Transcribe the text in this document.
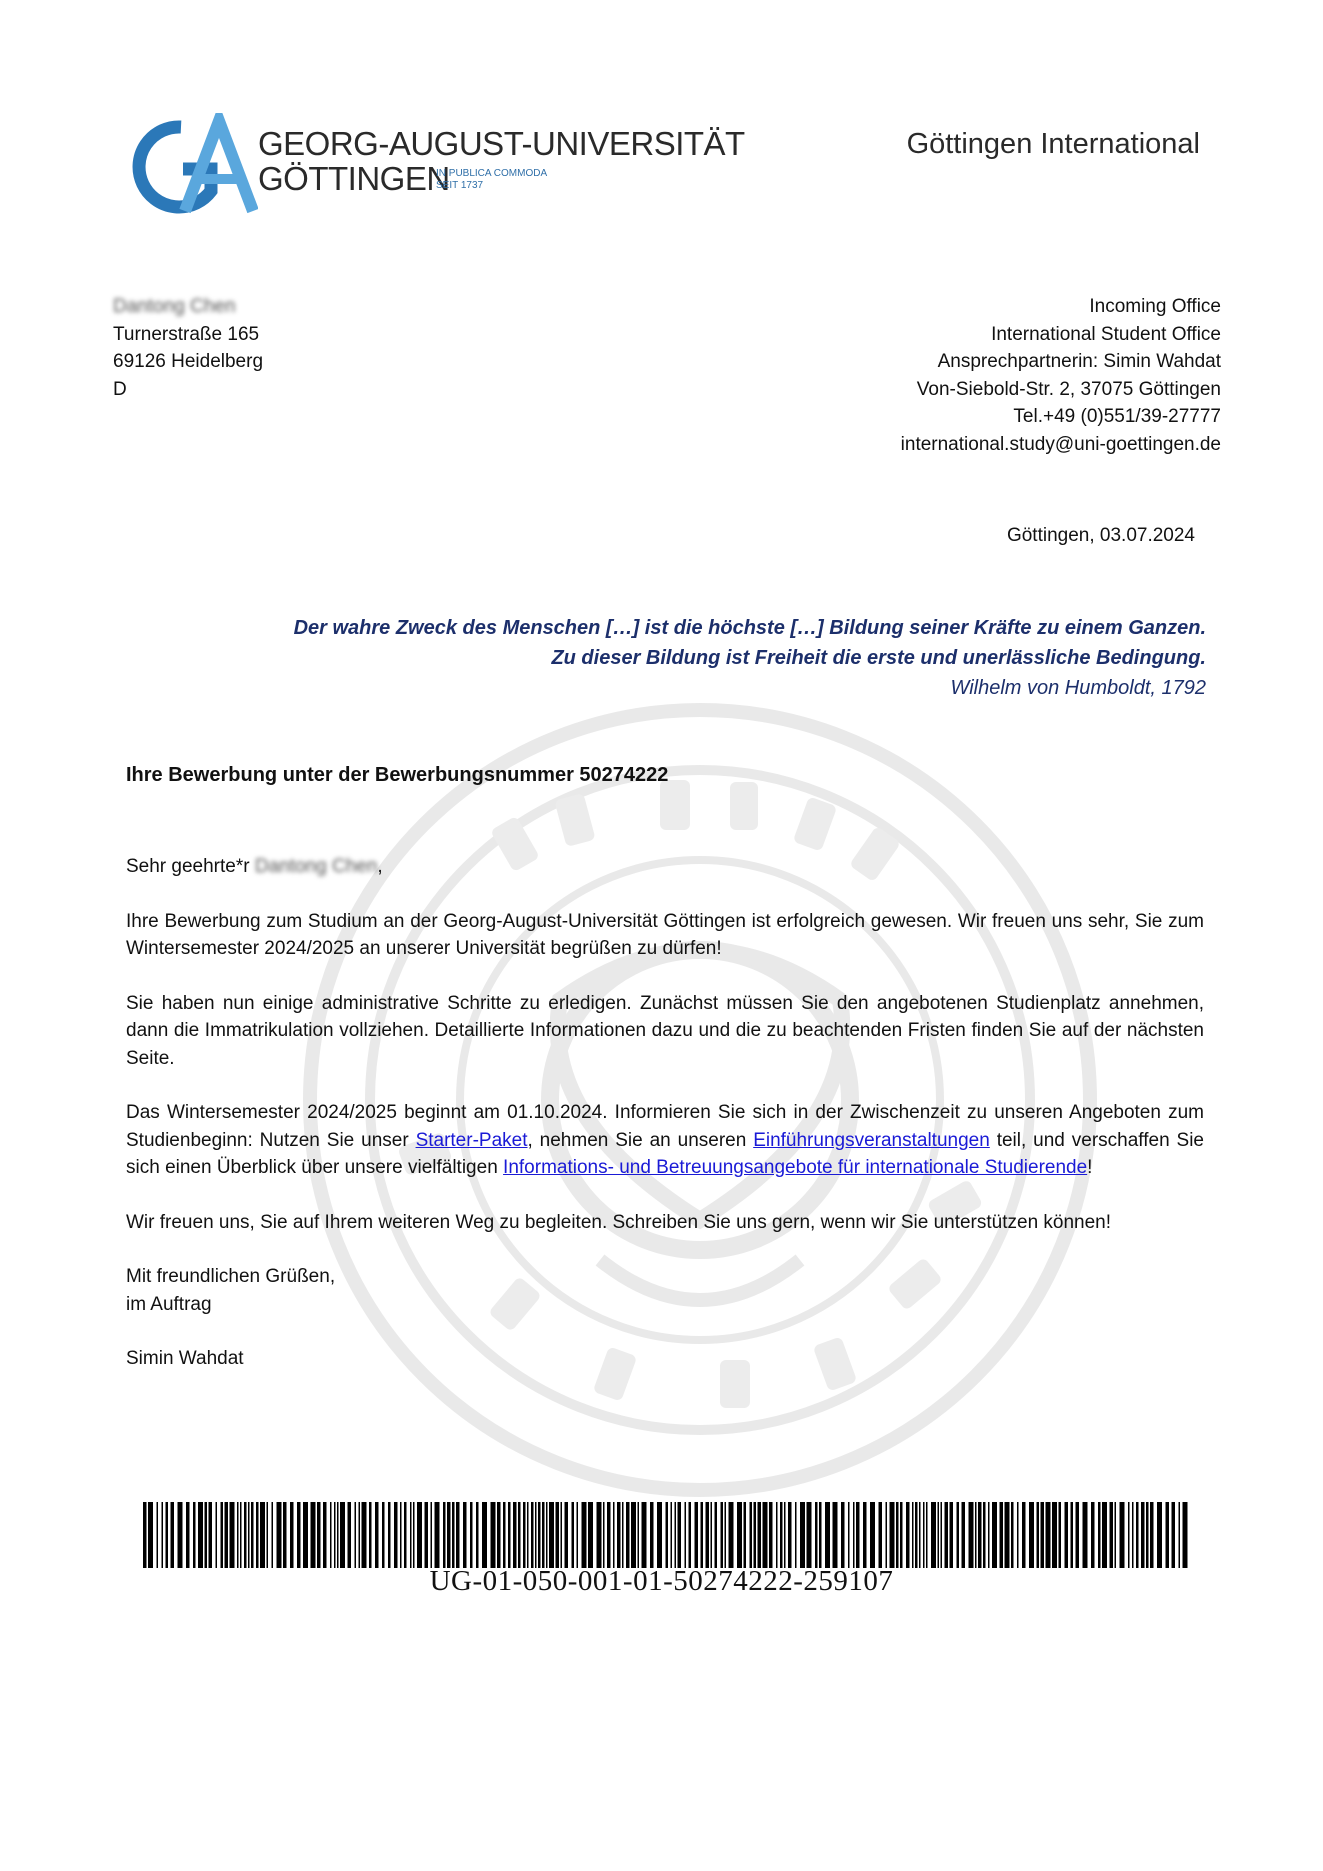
GEORG-AUGUST-UNIVERSITÄT
GÖTTINGEN
IN PUBLICA COMMODA
SEIT 1737
Göttingen International
Dantong Chen
Turnerstraße 165
69126 Heidelberg
D
Incoming Office
International Student Office
Ansprechpartnerin: Simin Wahdat
Von-Siebold-Str. 2, 37075 Göttingen
Tel.+49 (0)551/39-27777
international.study@uni-goettingen.de
Göttingen, 03.07.2024
Der wahre Zweck des Menschen […] ist die höchste […] Bildung seiner Kräfte zu einem Ganzen.
Zu dieser Bildung ist Freiheit die erste und unerlässliche Bedingung.
Wilhelm von Humboldt, 1792
Ihre Bewerbung unter der Bewerbungsnummer 50274222

Sehr geehrte*r Dantong Chen,

Ihre Bewerbung zum Studium an der Georg-August-Universität Göttingen ist erfolgreich gewesen. Wir freuen uns sehr, Sie zum Wintersemester 2024/2025 an unserer Universität begrüßen zu dürfen!

Sie haben nun einige administrative Schritte zu erledigen. Zunächst müssen Sie den angebotenen Studienplatz annehmen, dann die Immatrikulation vollziehen. Detaillierte Informationen dazu und die zu beachtenden Fristen finden Sie auf der nächsten Seite.

Das Wintersemester 2024/2025 beginnt am 01.10.2024. Informieren Sie sich in der Zwischenzeit zu unseren Angeboten zum Studienbeginn: Nutzen Sie unser Starter-Paket, nehmen Sie an unseren Einführungsveranstaltungen teil, und verschaffen Sie sich einen Überblick über unsere vielfältigen Informations- und Betreuungsangebote für internationale Studierende!

Wir freuen uns, Sie auf Ihrem weiteren Weg zu begleiten. Schreiben Sie uns gern, wenn wir Sie unterstützen können!

Mit freundlichen Grüßen,
im Auftrag

Simin Wahdat

UG-01-050-001-01-50274222-259107
